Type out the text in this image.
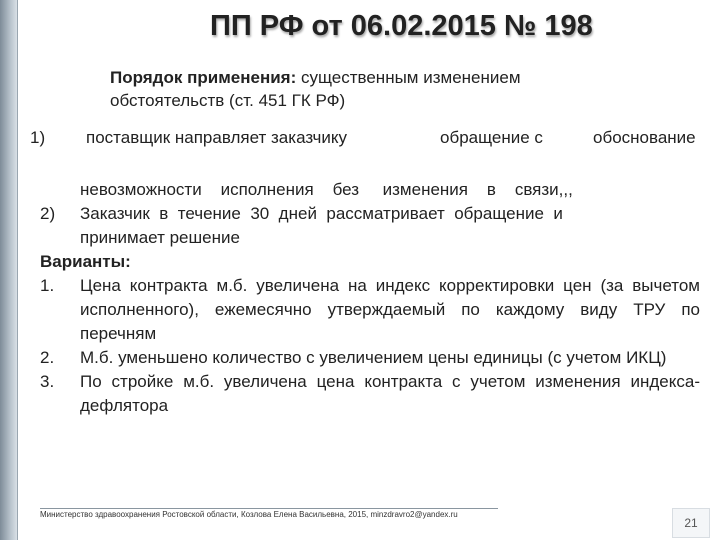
ПП РФ от 06.02.2015 № 198
Порядок применения: существенным изменением
обстоятельств (ст. 451 ГК РФ)
1) поставщик направляет заказчику	обращение с	обоснование
невозможности    исполнения    без     изменения    в    связи,,,
2)	Заказчик  в  течение  30  дней  рассматривает  обращение  и
принимает решение
Варианты:
1.	Цена контракта м.б. увеличена на индекс корректировки цен (за вычетом исполненного), ежемесячно утверждаемый по каждому виду ТРУ по перечням
2.	М.б. уменьшено количество с увеличением цены единицы (с учетом ИКЦ)
3.	По стройке м.б. увеличена цена контракта с учетом изменения индекса-дефлятора
Министерство здравоохранения Ростовской области, Козлова Елена Васильевна, 2015, minzdravro2@yandex.ru
21
